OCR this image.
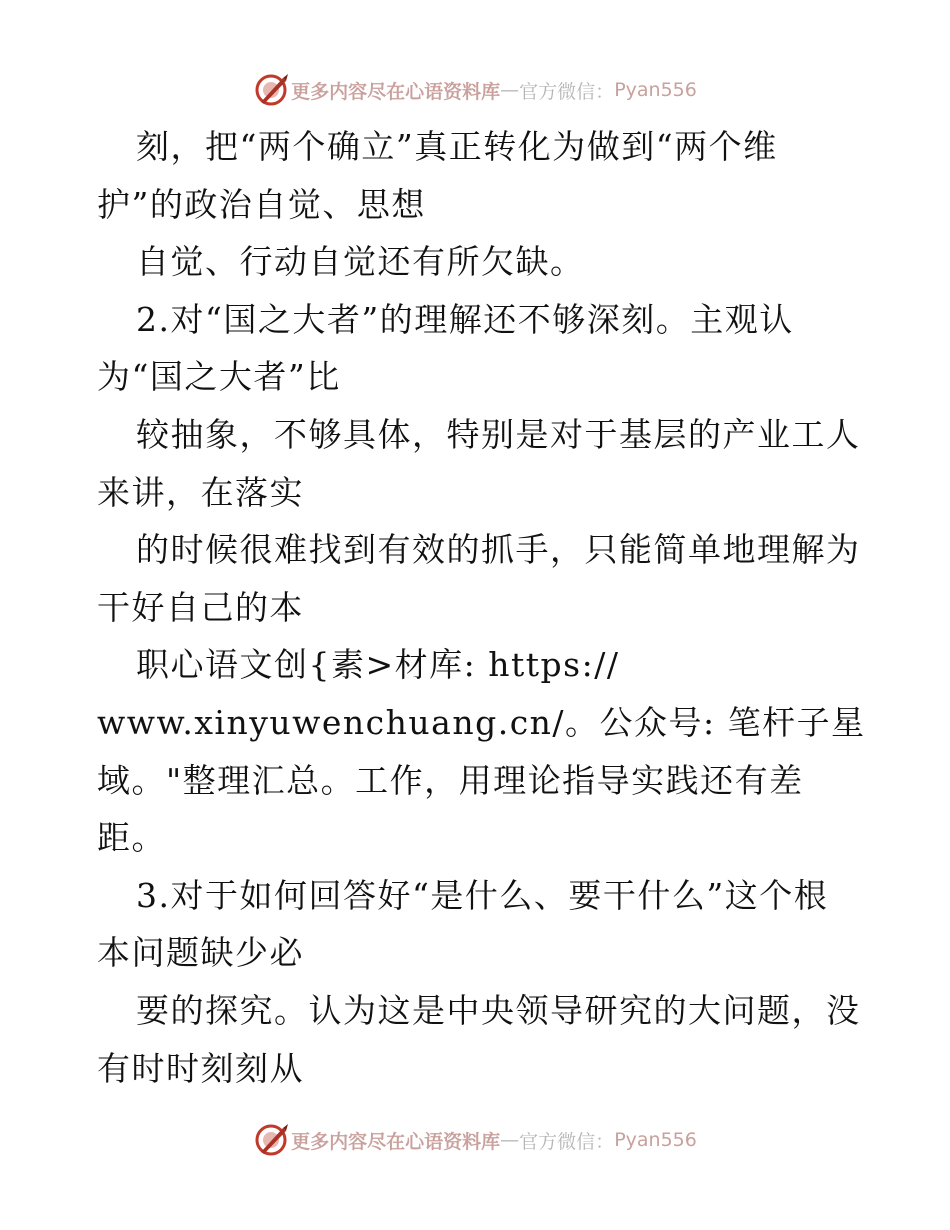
更多内容尽在心语资料库 — 官方微信： Pyan556
刻，把“两个确立”真正转化为做到“两个维
护”的政治自觉、思想
自觉、行动自觉还有所欠缺。
2.对“国之大者”的理解还不够深刻。主观认
为“国之大者”比
较抽象，不够具体，特别是对于基层的产业工人
来讲，在落实
的时候很难找到有效的抓手，只能简单地理解为
干好自己的本
职心语文创{素>材库: https://
www.xinyuwenchuang.cn/。公众号: 笔杆子星
域。"整理汇总。工作，用理论指导实践还有差
距。
3.对于如何回答好“是什么、要干什么”这个根
本问题缺少必
要的探究。认为这是中央领导研究的大问题，没
有时时刻刻从
更多内容尽在心语资料库 — 官方微信： Pyan556
